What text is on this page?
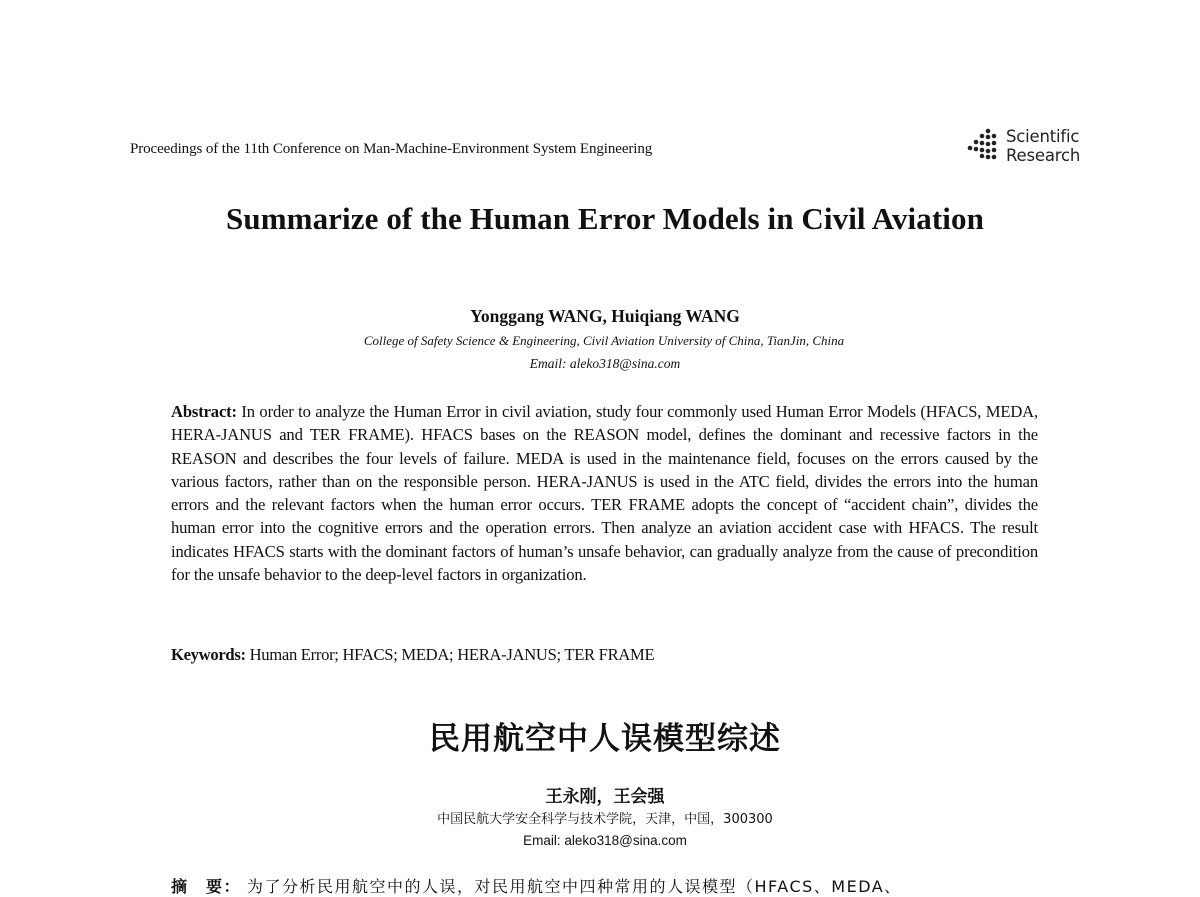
Proceedings of the 11th Conference on Man-Machine-Environment System Engineering
Scientific
Research
Summarize of the Human Error Models in Civil Aviation
Yonggang WANG, Huiqiang WANG
College of Safety Science & Engineering, Civil Aviation University of China, TianJin, China
Email: aleko318@sina.com
Abstract: In order to analyze the Human Error in civil aviation, study four commonly used Human Error Models (HFACS, MEDA, HERA-JANUS and TER FRAME). HFACS bases on the REASON model, defines the dominant and recessive factors in the REASON and describes the four levels of failure. MEDA is used in the maintenance field, focuses on the errors caused by the various factors, rather than on the responsible person. HERA-JANUS is used in the ATC field, divides the errors into the human errors and the relevant factors when the human error occurs. TER FRAME adopts the concept of “accident chain”, divides the human error into the cognitive errors and the operation errors. Then analyze an aviation accident case with HFACS. The result indicates HFACS starts with the dominant factors of human’s unsafe behavior, can gradually analyze from the cause of precondition for the unsafe behavior to the deep-level factors in organization.
Keywords: Human Error; HFACS; MEDA; HERA-JANUS; TER FRAME
民用航空中人误模型综述
王永刚，王会强
中国民航大学安全科学与技术学院，天津，中国，300300
Email: aleko318@sina.com
摘　要： 为了分析民用航空中的人误，对民用航空中四种常用的人误模型（HFACS、MEDA、
